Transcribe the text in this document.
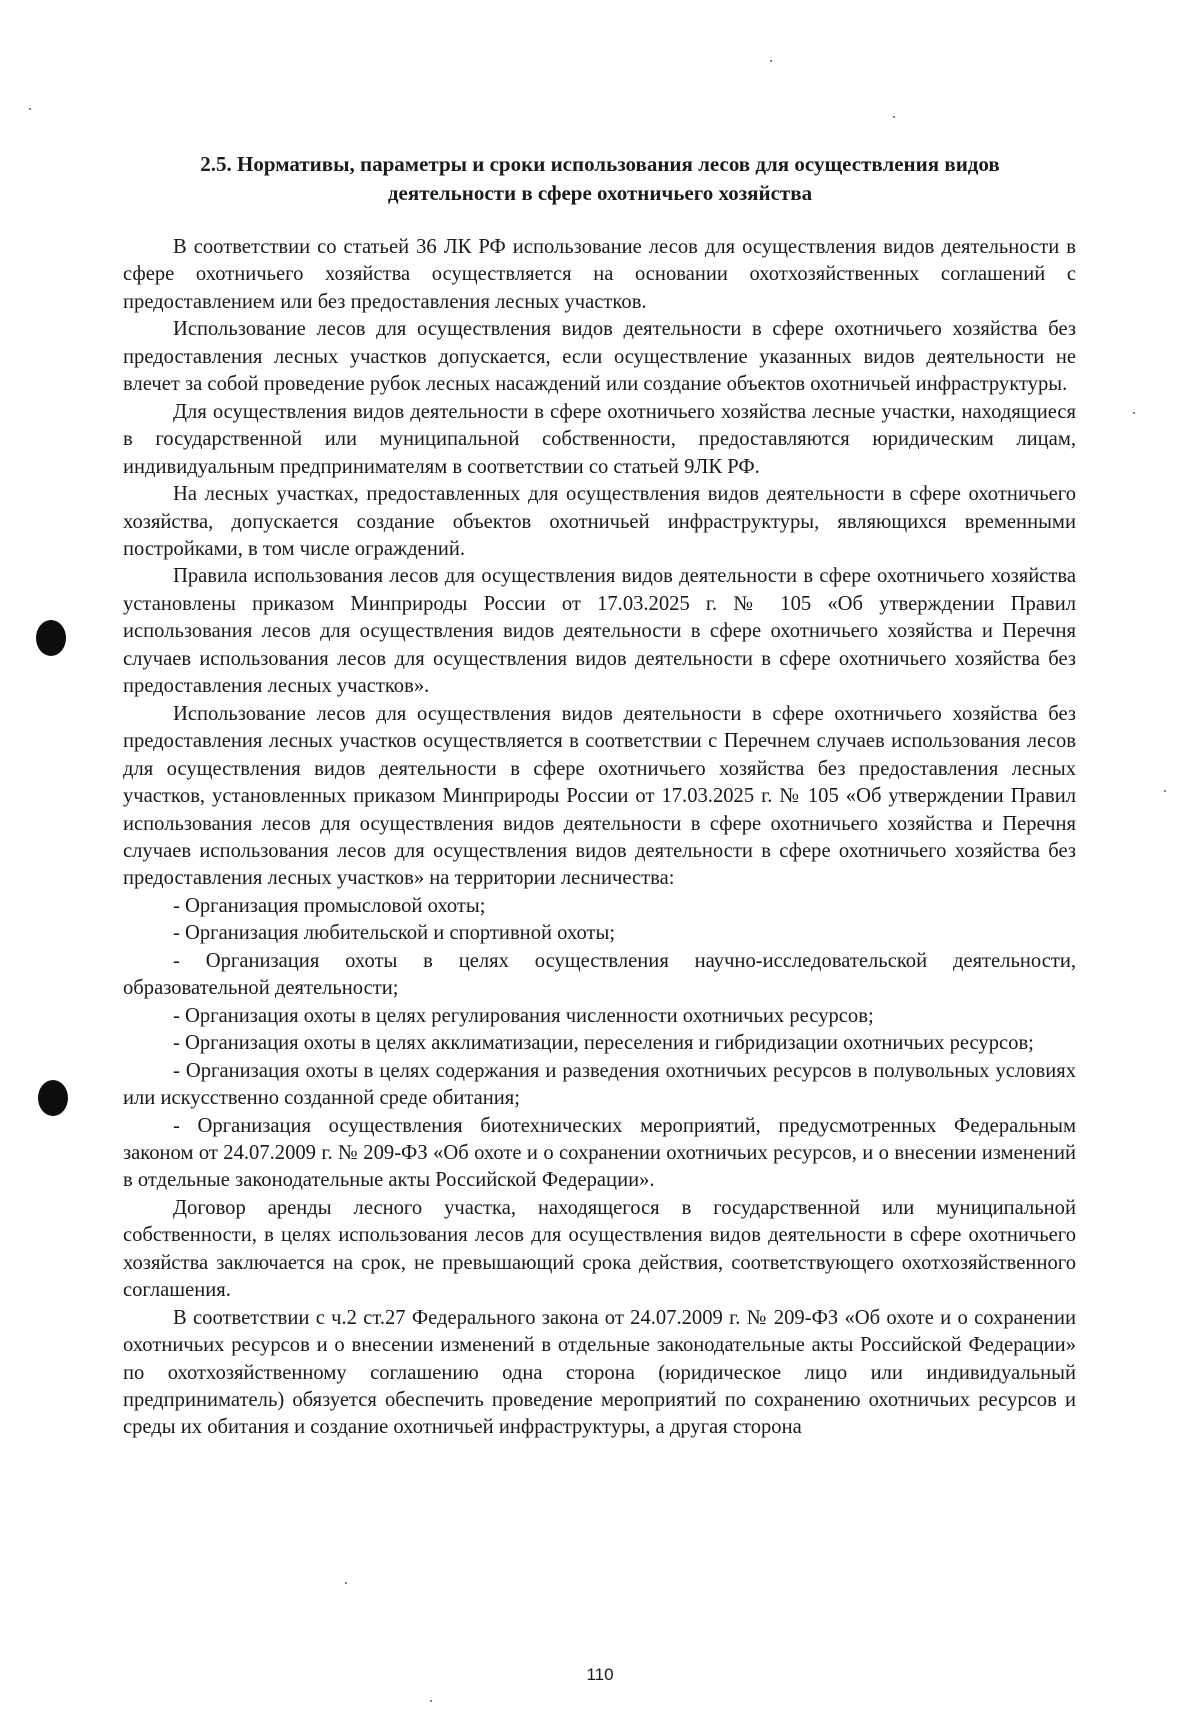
2.5. Нормативы, параметры и сроки использования лесов для осуществления видов
деятельности в сфере охотничьего хозяйства

В соответствии со статьей 36 ЛК РФ использование лесов для осуществления видов деятельности в сфере охотничьего хозяйства осуществляется на основании охотхозяйственных соглашений с предоставлением или без предоставления лесных участков.

Использование лесов для осуществления видов деятельности в сфере охотничьего хозяйства без предоставления лесных участков допускается, если осуществление указанных видов деятельности не влечет за собой проведение рубок лесных насаждений или создание объектов охотничьей инфраструктуры.

Для осуществления видов деятельности в сфере охотничьего хозяйства лесные участки, находящиеся в государственной или муниципальной собственности, предоставляются юридическим лицам, индивидуальным предпринимателям в соответствии со статьей 9ЛК РФ.

На лесных участках, предоставленных для осуществления видов деятельности в сфере охотничьего хозяйства, допускается создание объектов охотничьей инфраструктуры, являющихся временными постройками, в том числе ограждений.

Правила использования лесов для осуществления видов деятельности в сфере охотничьего хозяйства установлены приказом Минприроды России от 17.03.2025 г. № 105 «Об утверждении Правил использования лесов для осуществления видов деятельности в сфере охотничьего хозяйства и Перечня случаев использования лесов для осуществления видов деятельности в сфере охотничьего хозяйства без предоставления лесных участков».

Использование лесов для осуществления видов деятельности в сфере охотничьего хозяйства без предоставления лесных участков осуществляется в соответствии с Перечнем случаев использования лесов для осуществления видов деятельности в сфере охотничьего хозяйства без предоставления лесных участков, установленных приказом Минприроды России от 17.03.2025 г. № 105 «Об утверждении Правил использования лесов для осуществления видов деятельности в сфере охотничьего хозяйства и Перечня случаев использования лесов для осуществления видов деятельности в сфере охотничьего хозяйства без предоставления лесных участков» на территории лесничества:

- Организация промысловой охоты;

- Организация любительской и спортивной охоты;

- Организация охоты в целях осуществления научно-исследовательской деятельности, образовательной деятельности;

- Организация охоты в целях регулирования численности охотничьих ресурсов;

- Организация охоты в целях акклиматизации, переселения и гибридизации охотничьих ресурсов;

- Организация охоты в целях содержания и разведения охотничьих ресурсов в полувольных условиях или искусственно созданной среде обитания;

- Организация осуществления биотехнических мероприятий, предусмотренных Федеральным законом от 24.07.2009 г. № 209-ФЗ «Об охоте и о сохранении охотничьих ресурсов, и о внесении изменений в отдельные законодательные акты Российской Федерации».

Договор аренды лесного участка, находящегося в государственной или муниципальной собственности, в целях использования лесов для осуществления видов деятельности в сфере охотничьего хозяйства заключается на срок, не превышающий срока действия, соответствующего охотхозяйственного соглашения.

В соответствии с ч.2 ст.27 Федерального закона от 24.07.2009 г. № 209-ФЗ «Об охоте и о сохранении охотничьих ресурсов и о внесении изменений в отдельные законодательные акты Российской Федерации» по охотхозяйственному соглашению одна сторона (юридическое лицо или индивидуальный предприниматель) обязуется обеспечить проведение мероприятий по сохранению охотничьих ресурсов и среды их обитания и создание охотничьей инфраструктуры, а другая сторона

110
